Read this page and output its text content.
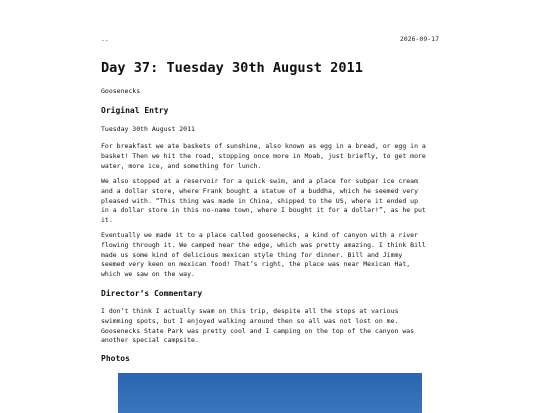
..	2026-09-17
Day 37: Tuesday 30th August 2011
Goosenecks
Original Entry

Tuesday 30th August 2011

For breakfast we ate baskets of sunshine, also known as egg in a bread, or egg in a
basket! Then we hit the road, stopping once more in Moab, just briefly, to get more
water, more ice, and something for lunch.

We also stopped at a reservoir for a quick swim, and a place for subpar ice cream
and a dollar store, where Frank bought a statue of a buddha, which he seemed very
pleased with. “This thing was made in China, shipped to the US, where it ended up
in a dollar store in this no-name town, where I bought it for a dollar!”, as he put
it.

Eventually we made it to a place called goosenecks, a kind of canyon with a river
flowing through it. We camped near the edge, which was pretty amazing. I think Bill
made us some kind of delicious mexican style thing for dinner. Bill and Jimmy
seemed very keen on mexican food! That’s right, the place was near Mexican Hat,
which we saw on the way.

Director’s Commentary

I don’t think I actually swam on this trip, despite all the stops at various
swimming spots, but I enjoyed walking around then so all was not lost on me.
Goosenecks State Park was pretty cool and I camping on the top of the canyon was
another special campsite.

Photos
